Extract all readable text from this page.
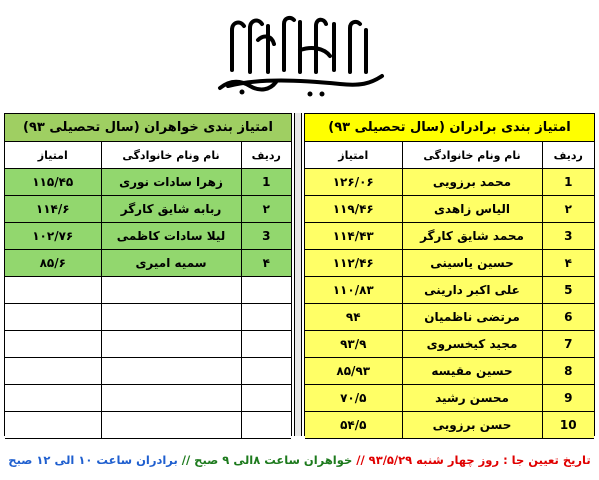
بسم الله الرحمن الرحیم
امتیاز بندی خواهران (سال تحصیلی ۹۳)
ردیف	نام ونام خانوادگی	امتیاز
1	زهرا سادات نوری	۱۱۵/۴۵
۲	ربابه شایق کارگر	۱۱۴/۶
3	لیلا سادات کاظمی	۱۰۲/۷۶
۴	سمیه امیری	۸۵/۶

امتیاز بندی برادران (سال تحصیلی ۹۳)
ردیف	نام ونام خانوادگی	امتیاز
1	محمد برزویی	۱۲۶/۰۶
۲	الیاس زاهدی	۱۱۹/۴۶
3	محمد شایق کارگر	۱۱۴/۴۳
۴	حسین یاسینی	۱۱۲/۴۶
5	علی اکبر دارینی	۱۱۰/۸۳
6	مرتضی ناظمیان	۹۴
7	مجید کیخسروی	۹۳/۹
8	حسین مقیسه	۸۵/۹۳
9	محسن رشید	۷۰/۵
10	حسن برزویی	۵۴/۵
تاریخ تعیین جا : روز چهار شنبه ۹۳/۵/۲۹ // خواهران ساعت ۸الی ۹ صبح // برادران ساعت ۱۰ الی ۱۲ صبح
